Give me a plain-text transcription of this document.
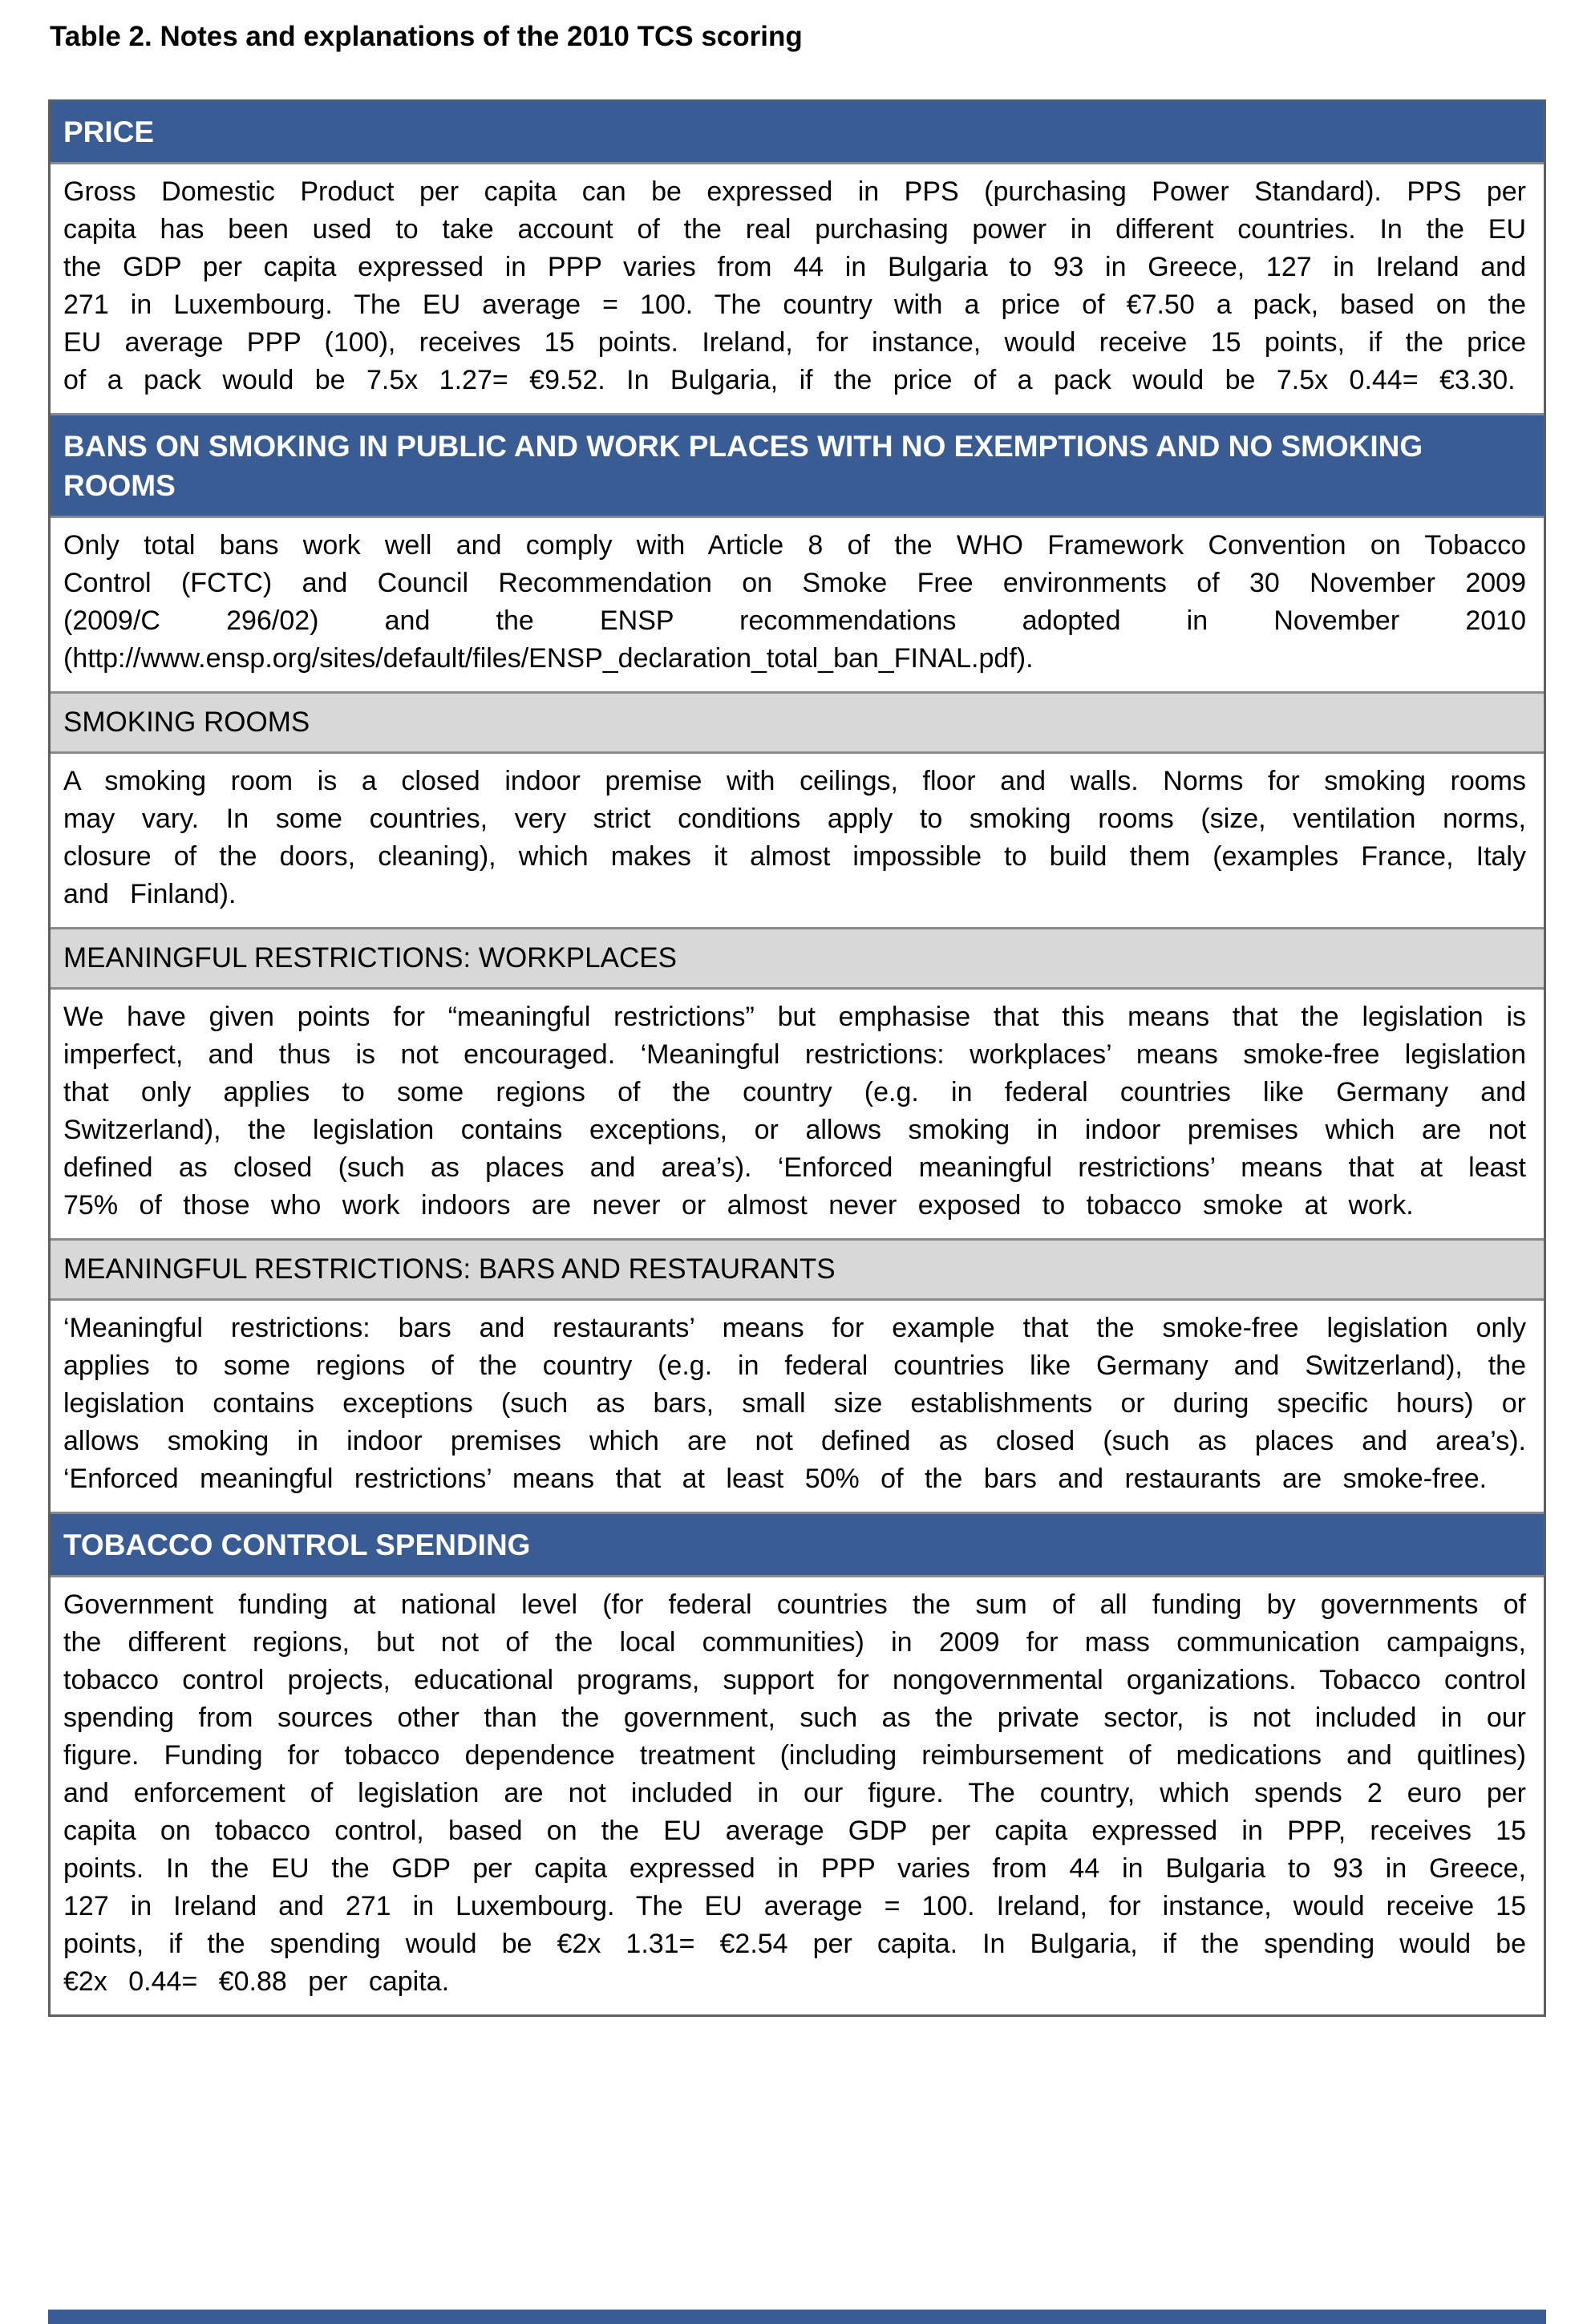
Table 2. Notes and explanations of the 2010 TCS scoring
PRICE
Gross Domestic Product per capita can be expressed in PPS (purchasing Power Standard). PPS per capita has been used to take account of the real purchasing power in different countries. In the EU the GDP per capita expressed in PPP varies from 44 in Bulgaria to 93 in Greece, 127 in Ireland and 271 in Luxembourg. The EU average = 100. The country with a price of €7.50 a pack, based on the EU average PPP (100), receives 15 points. Ireland, for instance, would receive 15 points, if the price of a pack would be 7.5x 1.27= €9.52. In Bulgaria, if the price of a pack would be 7.5x 0.44= €3.30.
BANS ON SMOKING IN PUBLIC AND WORK PLACES WITH NO EXEMPTIONS AND NO SMOKING ROOMS
Only total bans work well and comply with Article 8 of the WHO Framework Convention on Tobacco Control (FCTC) and Council Recommendation on Smoke Free environments of 30 November 2009 (2009/C 296/02) and the ENSP recommendations adopted in November 2010 (http://www.ensp.org/sites/default/files/ENSP_declaration_total_ban_FINAL.pdf).
SMOKING ROOMS
A smoking room is a closed indoor premise with ceilings, floor and walls. Norms for smoking rooms may vary. In some countries, very strict conditions apply to smoking rooms (size, ventilation norms, closure of the doors, cleaning), which makes it almost impossible to build them (examples France, Italy and Finland).
MEANINGFUL RESTRICTIONS: WORKPLACES
We have given points for “meaningful restrictions” but emphasise that this means that the legislation is imperfect, and thus is not encouraged. ‘Meaningful restrictions: workplaces’ means smoke-free legislation that only applies to some regions of the country (e.g. in federal countries like Germany and Switzerland), the legislation contains exceptions, or allows smoking in indoor premises which are not defined as closed (such as places and area’s). ‘Enforced meaningful restrictions’ means that at least 75% of those who work indoors are never or almost never exposed to tobacco smoke at work.
MEANINGFUL RESTRICTIONS: BARS AND RESTAURANTS
‘Meaningful restrictions: bars and restaurants’ means for example that the smoke-free legislation only applies to some regions of the country (e.g. in federal countries like Germany and Switzerland), the legislation contains exceptions (such as bars, small size establishments or during specific hours) or allows smoking in indoor premises which are not defined as closed (such as places and area’s). ‘Enforced meaningful restrictions’ means that at least 50% of the bars and restaurants are smoke-free.
TOBACCO CONTROL SPENDING
Government funding at national level (for federal countries the sum of all funding by governments of the different regions, but not of the local communities) in 2009 for mass communication campaigns, tobacco control projects, educational programs, support for nongovernmental organizations. Tobacco control spending from sources other than the government, such as the private sector, is not included in our figure. Funding for tobacco dependence treatment (including reimbursement of medications and quitlines) and enforcement of legislation are not included in our figure. The country, which spends 2 euro per capita on tobacco control, based on the EU average GDP per capita expressed in PPP, receives 15 points. In the EU the GDP per capita expressed in PPP varies from 44 in Bulgaria to 93 in Greece, 127 in Ireland and 271 in Luxembourg. The EU average = 100. Ireland, for instance, would receive 15 points, if the spending would be €2x 1.31= €2.54 per capita. In Bulgaria, if the spending would be €2x 0.44= €0.88 per capita.
